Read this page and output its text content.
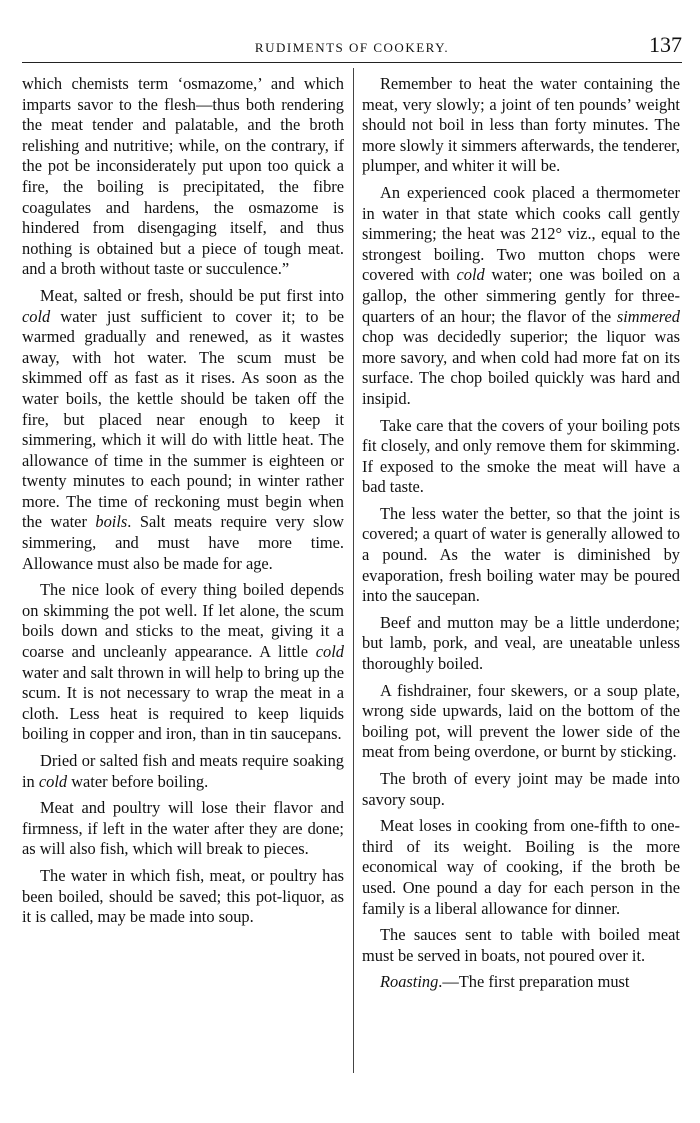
RUDIMENTS OF COOKERY.	137

which chemists term ‘osmazome,’ and which imparts savor to the flesh—thus both rendering the meat tender and palatable, and the broth relishing and nutritive; while, on the contrary, if the pot be inconsiderately put upon too quick a fire, the boiling is precipitated, the fibre coagulates and hardens, the osmazome is hindered from disengaging itself, and thus nothing is obtained but a piece of tough meat. and a broth without taste or succulence.”

Meat, salted or fresh, should be put first into cold water just sufficient to cover it; to be warmed gradually and renewed, as it wastes away, with hot water. The scum must be skimmed off as fast as it rises. As soon as the water boils, the kettle should be taken off the fire, but placed near enough to keep it simmering, which it will do with little heat. The allowance of time in the summer is eighteen or twenty minutes to each pound; in winter rather more. The time of reckoning must begin when the water boils. Salt meats require very slow simmering, and must have more time. Allowance must also be made for age.

The nice look of every thing boiled depends on skimming the pot well. If let alone, the scum boils down and sticks to the meat, giving it a coarse and uncleanly appearance. A little cold water and salt thrown in will help to bring up the scum. It is not necessary to wrap the meat in a cloth. Less heat is required to keep liquids boiling in copper and iron, than in tin saucepans.

Dried or salted fish and meats require soaking in cold water before boiling.

Meat and poultry will lose their flavor and firmness, if left in the water after they are done; as will also fish, which will break to pieces.

The water in which fish, meat, or poultry has been boiled, should be saved; this pot-liquor, as it is called, may be made into soup.

Remember to heat the water containing the meat, very slowly; a joint of ten pounds’ weight should not boil in less than forty minutes. The more slowly it simmers afterwards, the tenderer, plumper, and whiter it will be.

An experienced cook placed a thermometer in water in that state which cooks call gently simmering; the heat was 212° viz., equal to the strongest boiling. Two mutton chops were covered with cold water; one was boiled on a gallop, the other simmering gently for three-quarters of an hour; the flavor of the simmered chop was decidedly superior; the liquor was more savory, and when cold had more fat on its surface. The chop boiled quickly was hard and insipid.

Take care that the covers of your boiling pots fit closely, and only remove them for skimming. If exposed to the smoke the meat will have a bad taste.

The less water the better, so that the joint is covered; a quart of water is generally allowed to a pound. As the water is diminished by evaporation, fresh boiling water may be poured into the saucepan.

Beef and mutton may be a little underdone; but lamb, pork, and veal, are uneatable unless thoroughly boiled.

A fishdrainer, four skewers, or a soup plate, wrong side upwards, laid on the bottom of the boiling pot, will prevent the lower side of the meat from being overdone, or burnt by sticking.

The broth of every joint may be made into savory soup.

Meat loses in cooking from one-fifth to one-third of its weight. Boiling is the more economical way of cooking, if the broth be used. One pound a day for each person in the family is a liberal allowance for dinner.

The sauces sent to table with boiled meat must be served in boats, not poured over it.

Roasting.—The first preparation must
